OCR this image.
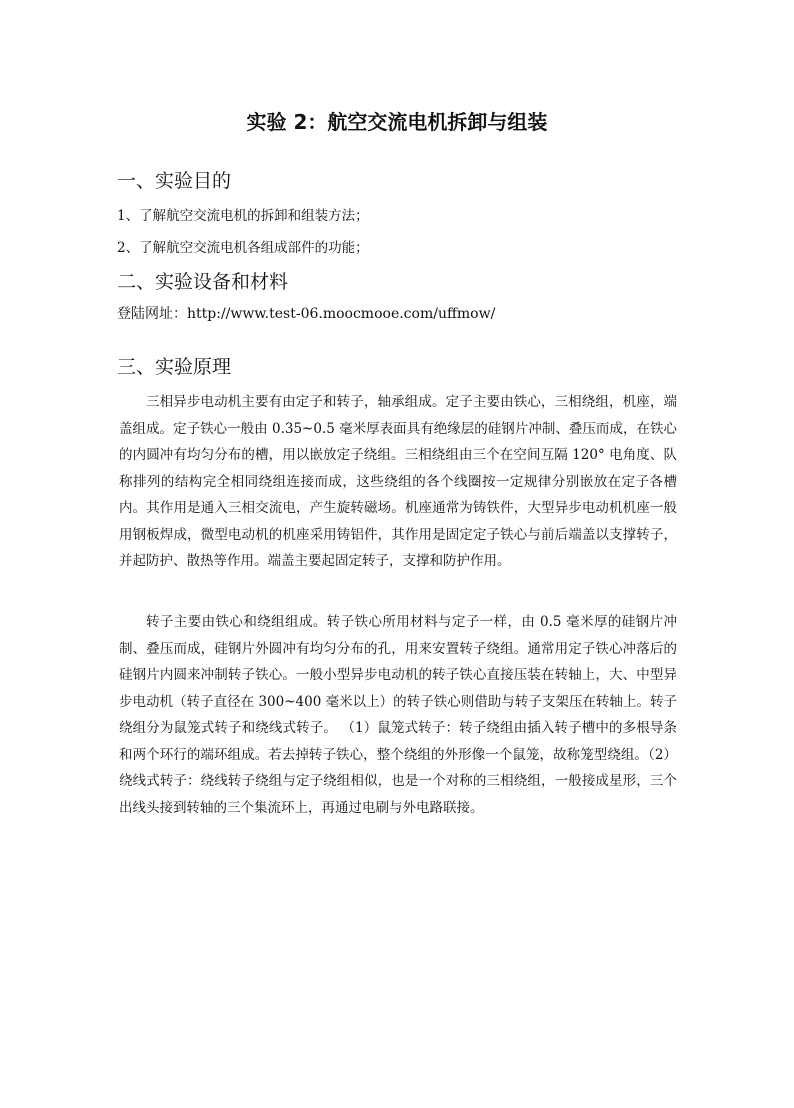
实验 2：航空交流电机拆卸与组装
一、实验目的

1、了解航空交流电机的拆卸和组装方法；

2、了解航空交流电机各组成部件的功能；

二、实验设备和材料

登陆网址：http://www.test-06.moocmooe.com/uffmow/

三、实验原理

三相异步电动机主要有由定子和转子，轴承组成。定子主要由铁心，三相绕组，机座，端盖组成。定子铁心一般由 0.35~0.5 毫米厚表面具有绝缘层的硅钢片冲制、叠压而成，在铁心的内圆冲有均匀分布的槽，用以嵌放定子绕组。三相绕组由三个在空间互隔 120° 电角度、队称排列的结构完全相同绕组连接而成，这些绕组的各个线圈按一定规律分别嵌放在定子各槽内。其作用是通入三相交流电，产生旋转磁场。机座通常为铸铁件，大型异步电动机机座一般用钢板焊成，微型电动机的机座采用铸铝件，其作用是固定定子铁心与前后端盖以支撑转子，并起防护、散热等作用。端盖主要起固定转子，支撑和防护作用。

转子主要由铁心和绕组组成。转子铁心所用材料与定子一样，由 0.5 毫米厚的硅钢片冲制、叠压而成，硅钢片外圆冲有均匀分布的孔，用来安置转子绕组。通常用定子铁心冲落后的硅钢片内圆来冲制转子铁心。一般小型异步电动机的转子铁心直接压装在转轴上，大、中型异步电动机（转子直径在 300~400 毫米以上）的转子铁心则借助与转子支架压在转轴上。转子绕组分为鼠笼式转子和绕线式转子。 （1）鼠笼式转子：转子绕组由插入转子槽中的多根导条和两个环行的端环组成。若去掉转子铁心，整个绕组的外形像一个鼠笼，故称笼型绕组。（2）绕线式转子：绕线转子绕组与定子绕组相似，也是一个对称的三相绕组，一般接成星形，三个出线头接到转轴的三个集流环上，再通过电刷与外电路联接。
